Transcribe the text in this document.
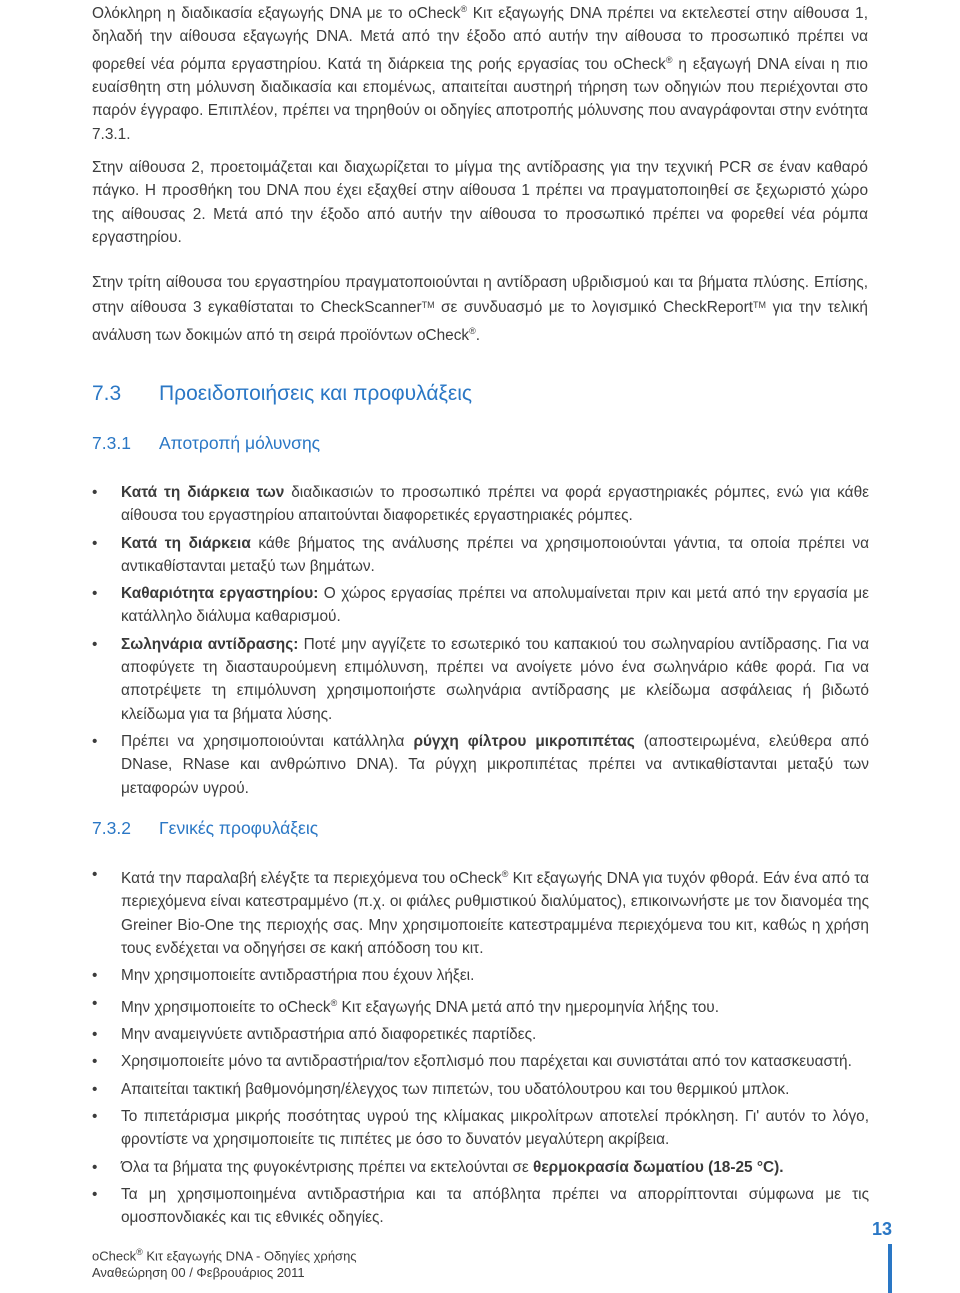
Ολόκληρη η διαδικασία εξαγωγής DNA με το oCheck® Κιτ εξαγωγής DNA πρέπει να εκτελεστεί στην αίθουσα 1, δηλαδή την αίθουσα εξαγωγής DNA. Μετά από την έξοδο από αυτήν την αίθουσα το προσωπικό πρέπει να φορεθεί νέα ρόμπα εργαστηρίου. Κατά τη διάρκεια της ροής εργασίας του oCheck® η εξαγωγή DNA είναι η πιο ευαίσθητη στη μόλυνση διαδικασία και επομένως, απαιτείται αυστηρή τήρηση των οδηγιών που περιέχονται στο παρόν έγγραφο. Επιπλέον, πρέπει να τηρηθούν οι οδηγίες αποτροπής μόλυνσης που αναγράφονται στην ενότητα 7.3.1.

Στην αίθουσα 2, προετοιμάζεται και διαχωρίζεται το μίγμα της αντίδρασης για την τεχνική PCR σε έναν καθαρό πάγκο. Η προσθήκη του DNA που έχει εξαχθεί στην αίθουσα 1 πρέπει να πραγματοποιηθεί σε ξεχωριστό χώρο της αίθουσας 2. Μετά από την έξοδο από αυτήν την αίθουσα το προσωπικό πρέπει να φορεθεί νέα ρόμπα εργαστηρίου.

Στην τρίτη αίθουσα του εργαστηρίου πραγματοποιούνται η αντίδραση υβριδισμού και τα βήματα πλύσης. Επίσης, στην αίθουσα 3 εγκαθίσταται το CheckScanner™ σε συνδυασμό με το λογισμικό CheckReport™ για την τελική ανάλυση των δοκιμών από τη σειρά προϊόντων oCheck®.

7.3 Προειδοποιήσεις και προφυλάξεις
7.3.1 Αποτροπή μόλυνσης
• Κατά τη διάρκεια των διαδικασιών το προσωπικό πρέπει να φορά εργαστηριακές ρόμπες, ενώ για κάθε αίθουσα του εργαστηρίου απαιτούνται διαφορετικές εργαστηριακές ρόμπες.
• Κατά τη διάρκεια κάθε βήματος της ανάλυσης πρέπει να χρησιμοποιούνται γάντια, τα οποία πρέπει να αντικαθίστανται μεταξύ των βημάτων.
• Καθαριότητα εργαστηρίου: Ο χώρος εργασίας πρέπει να απολυμαίνεται πριν και μετά από την εργασία με κατάλληλο διάλυμα καθαρισμού.
• Σωληνάρια αντίδρασης: Ποτέ μην αγγίζετε το εσωτερικό του καπακιού του σωληναρίου αντίδρασης. Για να αποφύγετε τη διασταυρούμενη επιμόλυνση, πρέπει να ανοίγετε μόνο ένα σωληνάριο κάθε φορά. Για να αποτρέψετε τη επιμόλυνση χρησιμοποιήστε σωληνάρια αντίδρασης με κλείδωμα ασφάλειας ή βιδωτό κλείδωμα για τα βήματα λύσης.
• Πρέπει να χρησιμοποιούνται κατάλληλα ρύγχη φίλτρου μικροπιπέτας (αποστειρωμένα, ελεύθερα από DNase, RNase και ανθρώπινο DNA). Τα ρύγχη μικροπιπέτας πρέπει να αντικαθίστανται μεταξύ των μεταφορών υγρού.
7.3.2 Γενικές προφυλάξεις
• Κατά την παραλαβή ελέγξτε τα περιεχόμενα του oCheck® Κιτ εξαγωγής DNA για τυχόν φθορά. Εάν ένα από τα περιεχόμενα είναι κατεστραμμένο (π.χ. οι φιάλες ρυθμιστικού διαλύματος), επικοινωνήστε με τον διανομέα της Greiner Bio-One της περιοχής σας. Μην χρησιμοποιείτε κατεστραμμένα περιεχόμενα του κιτ, καθώς η χρήση τους ενδέχεται να οδηγήσει σε κακή απόδοση του κιτ.
• Μην χρησιμοποιείτε αντιδραστήρια που έχουν λήξει.
• Μην χρησιμοποιείτε το oCheck® Κιτ εξαγωγής DNA μετά από την ημερομηνία λήξης του.
• Μην αναμειγνύετε αντιδραστήρια από διαφορετικές παρτίδες.
• Χρησιμοποιείτε μόνο τα αντιδραστήρια/τον εξοπλισμό που παρέχεται και συνιστάται από τον κατασκευαστή.
• Απαιτείται τακτική βαθμονόμηση/έλεγχος των πιπετών, του υδατόλουτρου και του θερμικού μπλοκ.
• Το πιπετάρισμα μικρής ποσότητας υγρού της κλίμακας μικρολίτρων αποτελεί πρόκληση. Γι' αυτόν το λόγο, φροντίστε να χρησιμοποιείτε τις πιπέτες με όσο το δυνατόν μεγαλύτερη ακρίβεια.
• Όλα τα βήματα της φυγοκέντρισης πρέπει να εκτελούνται σε θερμοκρασία δωματίου (18-25 °C).
• Τα μη χρησιμοποιημένα αντιδραστήρια και τα απόβλητα πρέπει να απορρίπτονται σύμφωνα με τις ομοσπονδιακές και τις εθνικές οδηγίες.
oCheck® Κιτ εξαγωγής DNA - Οδηγίες χρήσης
Αναθεώρηση 00 / Φεβρουάριος 2011
13
